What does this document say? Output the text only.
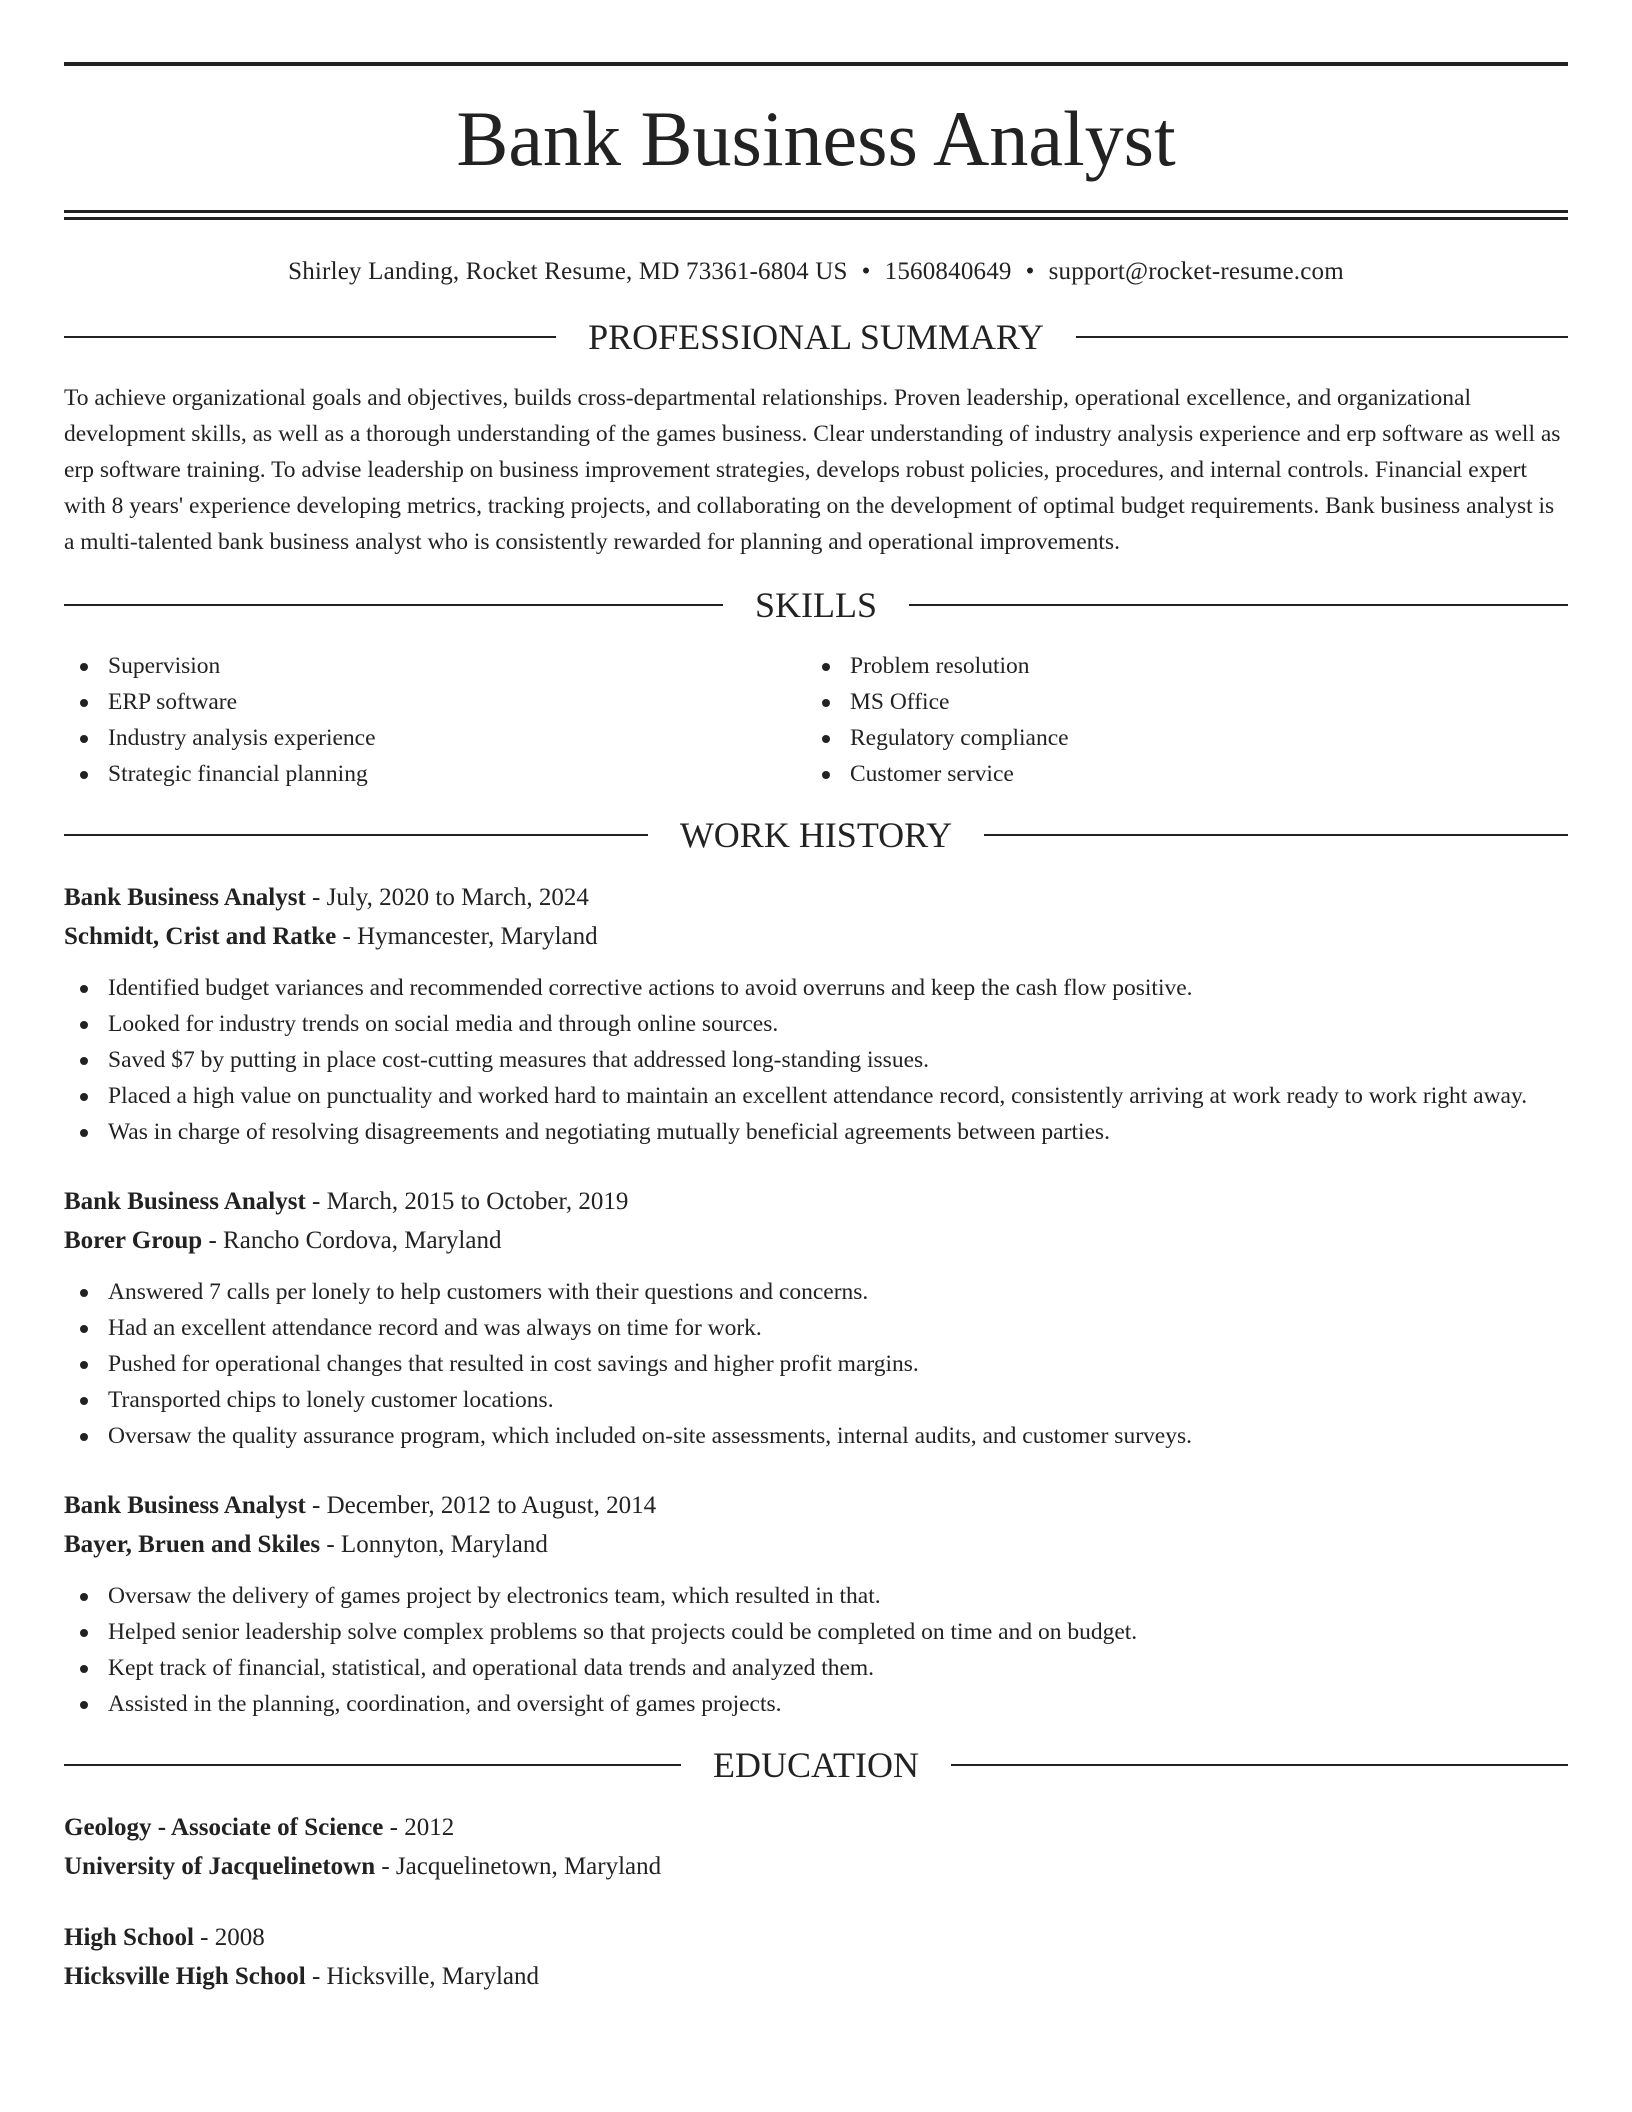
Bank Business Analyst
Shirley Landing, Rocket Resume, MD 73361-6804 US • 1560840649 • support@rocket-resume.com
PROFESSIONAL SUMMARY

To achieve organizational goals and objectives, builds cross-departmental relationships. Proven leadership, operational excellence, and organizational development skills, as well as a thorough understanding of the games business. Clear understanding of industry analysis experience and erp software as well as erp software training. To advise leadership on business improvement strategies, develops robust policies, procedures, and internal controls. Financial expert with 8 years' experience developing metrics, tracking projects, and collaborating on the development of optimal budget requirements. Bank business analyst is a multi-talented bank business analyst who is consistently rewarded for planning and operational improvements.

SKILLS
Supervision
ERP software
Industry analysis experience
Strategic financial planning
Problem resolution
MS Office
Regulatory compliance
Customer service
WORK HISTORY
Bank Business Analyst - July, 2020 to March, 2024
Schmidt, Crist and Ratke - Hymancester, Maryland
Identified budget variances and recommended corrective actions to avoid overruns and keep the cash flow positive.
Looked for industry trends on social media and through online sources.
Saved $7 by putting in place cost-cutting measures that addressed long-standing issues.
Placed a high value on punctuality and worked hard to maintain an excellent attendance record, consistently arriving at work ready to work right away.
Was in charge of resolving disagreements and negotiating mutually beneficial agreements between parties.
Bank Business Analyst - March, 2015 to October, 2019
Borer Group - Rancho Cordova, Maryland
Answered 7 calls per lonely to help customers with their questions and concerns.
Had an excellent attendance record and was always on time for work.
Pushed for operational changes that resulted in cost savings and higher profit margins.
Transported chips to lonely customer locations.
Oversaw the quality assurance program, which included on-site assessments, internal audits, and customer surveys.
Bank Business Analyst - December, 2012 to August, 2014
Bayer, Bruen and Skiles - Lonnyton, Maryland
Oversaw the delivery of games project by electronics team, which resulted in that.
Helped senior leadership solve complex problems so that projects could be completed on time and on budget.
Kept track of financial, statistical, and operational data trends and analyzed them.
Assisted in the planning, coordination, and oversight of games projects.
EDUCATION
Geology - Associate of Science - 2012
University of Jacquelinetown - Jacquelinetown, Maryland
High School - 2008
Hicksville High School - Hicksville, Maryland
